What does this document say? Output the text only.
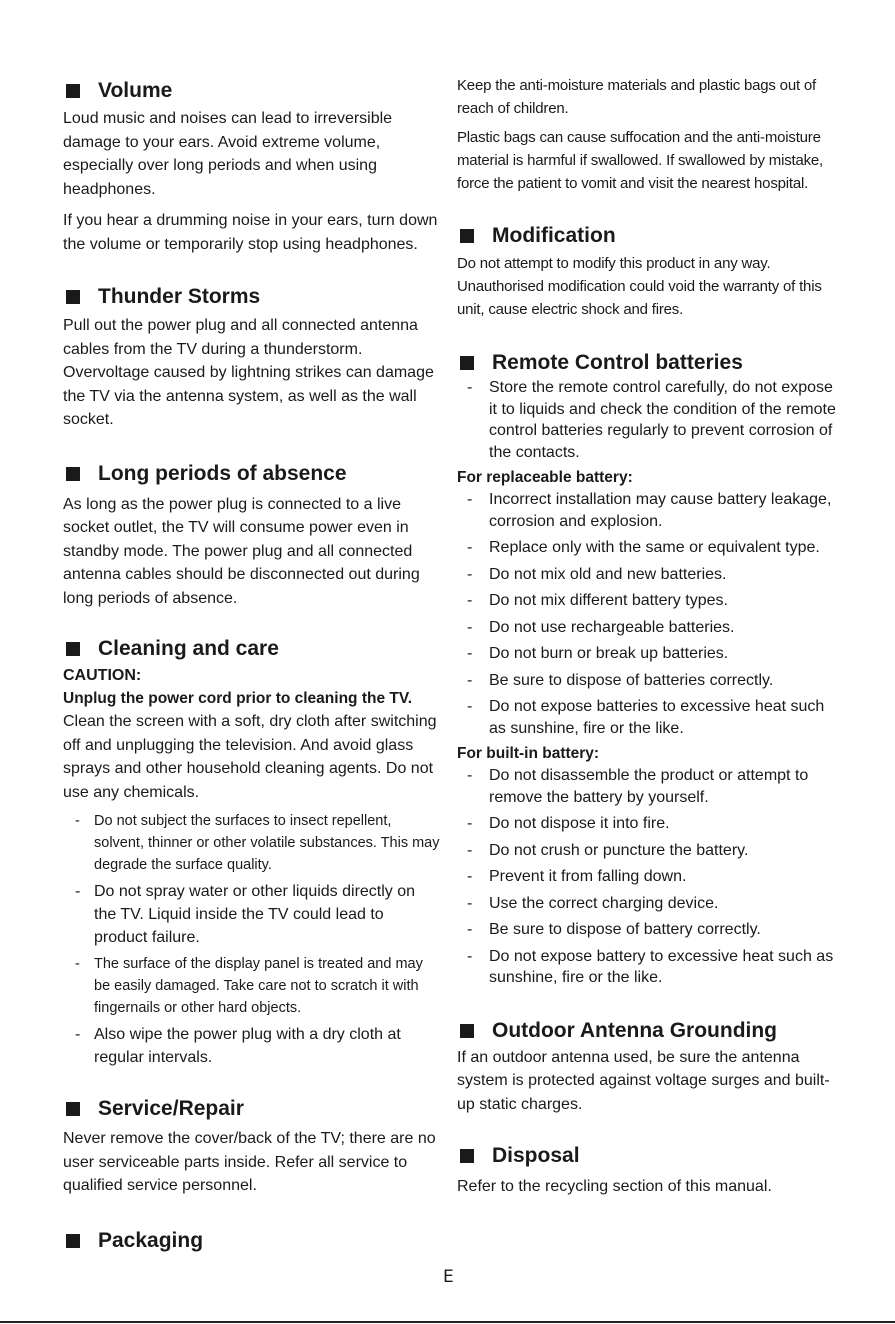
Volume

Loud music and noises can lead to irreversible damage to your ears. Avoid extreme volume, especially over long periods and when using headphones.

If you hear a drumming noise in your ears, turn down the volume or temporarily stop using headphones.

Thunder Storms

Pull out the power plug and all connected antenna cables from the TV during a thunderstorm. Overvoltage caused by lightning strikes can damage the TV via the antenna system, as well as the wall socket.

Long periods of absence

As long as the power plug is connected to a live socket outlet, the TV will consume power even in standby mode. The power plug and all connected antenna cables should be disconnected out during long periods of absence.

Cleaning and care
CAUTION:
Unplug the power cord prior to cleaning the TV.

Clean the screen with a soft, dry cloth after switching off and unplugging the television. And avoid glass sprays and other household cleaning agents. Do not use any chemicals.

- Do not subject the surfaces to insect repellent, solvent, thinner or other volatile substances. This may degrade the surface quality.
- Do not spray water or other liquids directly on the TV. Liquid inside the TV could lead to product failure.
- The surface of the display panel is treated and may be easily damaged. Take care not to scratch it with fingernails or other hard objects.
- Also wipe the power plug with a dry cloth at regular intervals.
Service/Repair

Never remove the cover/back of the TV; there are no user serviceable parts inside. Refer all service to qualified service personnel.

Packaging

Keep the anti-moisture materials and plastic bags out of reach of children.

Plastic bags can cause suffocation and the anti-moisture material is harmful if swallowed. If swallowed by mistake, force the patient to vomit and visit the nearest hospital.

Modification

Do not attempt to modify this product in any way. Unauthorised modification could void the warranty of this unit, cause electric shock and fires.

Remote Control batteries
- Store the remote control carefully, do not expose it to liquids and check the condition of the remote control batteries regularly to prevent corrosion of the contacts.
For replaceable battery:
- Incorrect installation may cause battery leakage, corrosion and explosion.
- Replace only with the same or equivalent type.
- Do not mix old and new batteries.
- Do not mix different battery types.
- Do not use rechargeable batteries.
- Do not burn or break up batteries.
- Be sure to dispose of batteries correctly.
- Do not expose batteries to excessive heat such as sunshine, fire or the like.
For built-in battery:
- Do not disassemble the product or attempt to remove the battery by yourself.
- Do not dispose it into fire.
- Do not crush or puncture the battery.
- Prevent it from falling down.
- Use the correct charging device.
- Be sure to dispose of battery correctly.
- Do not expose battery to excessive heat such as sunshine, fire or the like.
Outdoor Antenna Grounding

If an outdoor antenna used, be sure the antenna system is protected against voltage surges and built-up static charges.

Disposal

Refer to the recycling section of this manual.

E
